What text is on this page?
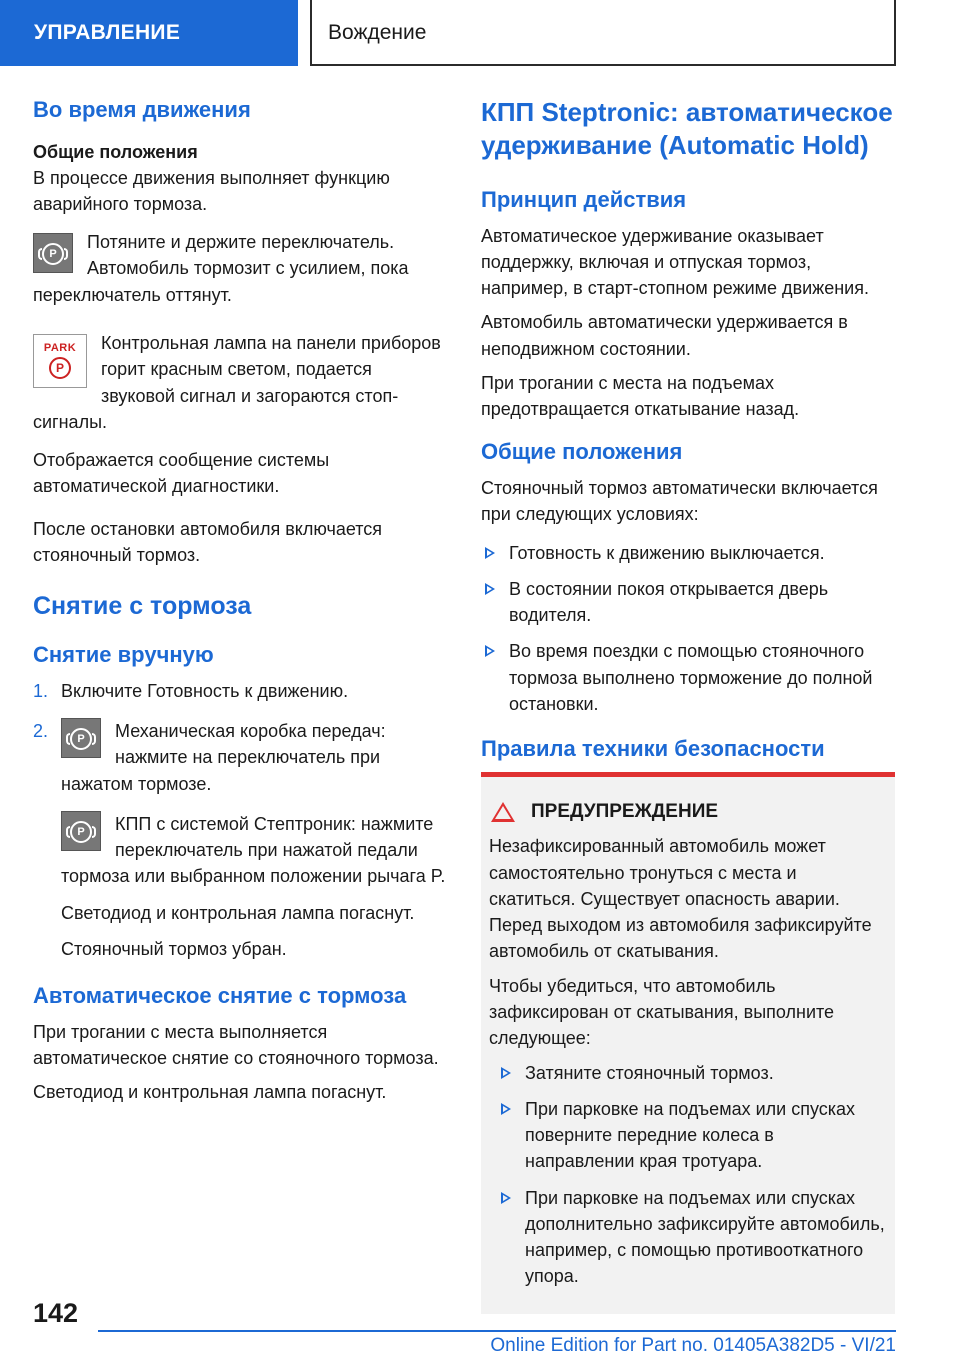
УПРАВЛЕНИЕ	Вождение
Во время движения
Общие положения

В процессе движения выполняет функцию аварийного тормоза.

P
Потяните и держите переключатель. Автомобиль тормозит с усилием, пока переключатель оттянут.
PARK
P
Контрольная лампа на панели приборов горит красным светом, подается звуковой сигнал и загораются стоп-сигналы.

Отображается сообщение системы автоматической диагностики.

После остановки автомобиля включается стояночный тормоз.

Снятие с тормоза
Снятие вручную
1. Включите Готовность к движению.
2.	P	Механическая коробка передач: нажмите на переключатель при нажатом тормозе.
P	КПП с системой Стептроник: нажмите переключатель при нажатой педали тормоза или выбранном положении рычага P.

Светодиод и контрольная лампа погаснут.

Стояночный тормоз убран.

Автоматическое снятие с тормоза

При трогании с места выполняется автоматическое снятие со стояночного тормоза.

Светодиод и контрольная лампа погаснут.

КПП Steptronic: автоматическое удерживание (Automatic Hold)
Принцип действия

Автоматическое удерживание оказывает поддержку, включая и отпуская тормоз, например, в старт-стопном режиме движения.

Автомобиль автоматически удерживается в неподвижном состоянии.

При трогании с места на подъемах предотвращается откатывание назад.

Общие положения

Стояночный тормоз автоматически включается при следующих условиях:

Готовность к движению выключается.
В состоянии покоя открывается дверь водителя.
Во время поездки с помощью стояночного тормоза выполнено торможение до полной остановки.
Правила техники безопасности
ПРЕДУПРЕЖДЕНИЕ

Незафиксированный автомобиль может самостоятельно тронуться с места и скатиться. Существует опасность аварии. Перед выходом из автомобиля зафиксируйте автомобиль от скатывания.

Чтобы убедиться, что автомобиль зафиксирован от скатывания, выполните следующее:

Затяните стояночный тормоз.
При парковке на подъемах или спусках поверните передние колеса в направлении края тротуара.
При парковке на подъемах или спусках дополнительно зафиксируйте автомобиль, например, с помощью противооткатного упора.
142
Online Edition for Part no. 01405A382D5 - VI/21
